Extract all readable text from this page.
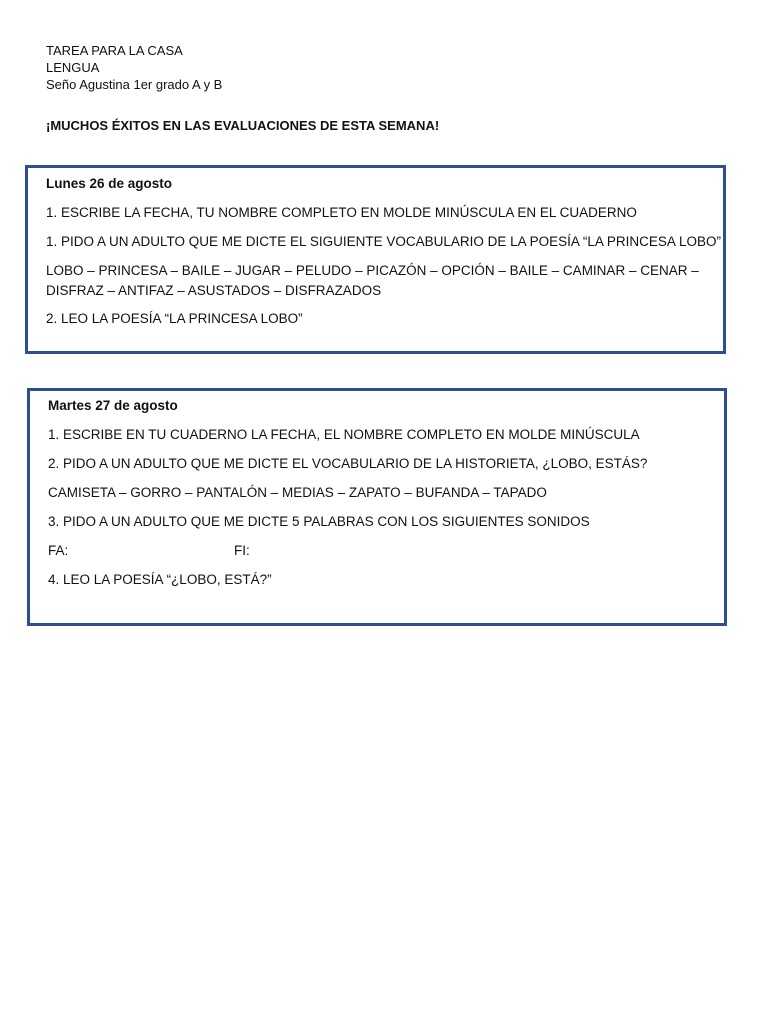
TAREA PARA LA CASA
LENGUA
Seño Agustina 1er grado A y B
¡MUCHOS ÉXITOS EN LAS EVALUACIONES DE ESTA SEMANA!
Lunes 26 de agosto
1. ESCRIBE LA FECHA, TU NOMBRE COMPLETO EN MOLDE MINÚSCULA EN EL CUADERNO
1. PIDO A UN ADULTO QUE ME DICTE EL SIGUIENTE VOCABULARIO DE LA POESÍA “LA PRINCESA LOBO”
LOBO – PRINCESA – BAILE – JUGAR – PELUDO – PICAZÓN – OPCIÓN – BAILE – CAMINAR – CENAR – DISFRAZ – ANTIFAZ – ASUSTADOS – DISFRAZADOS
2. LEO LA POESÍA “LA PRINCESA LOBO”
Martes 27 de agosto
1. ESCRIBE EN TU CUADERNO LA FECHA, EL NOMBRE COMPLETO EN MOLDE MINÚSCULA
2. PIDO A UN ADULTO QUE ME DICTE EL VOCABULARIO DE LA HISTORIETA, ¿LOBO, ESTÁS?
CAMISETA – GORRO – PANTALÓN – MEDIAS – ZAPATO – BUFANDA – TAPADO
3. PIDO A UN ADULTO QUE ME DICTE 5 PALABRAS CON LOS SIGUIENTES SONIDOS
FA:	FI:
4. LEO LA POESÍA “¿LOBO, ESTÁ?”
